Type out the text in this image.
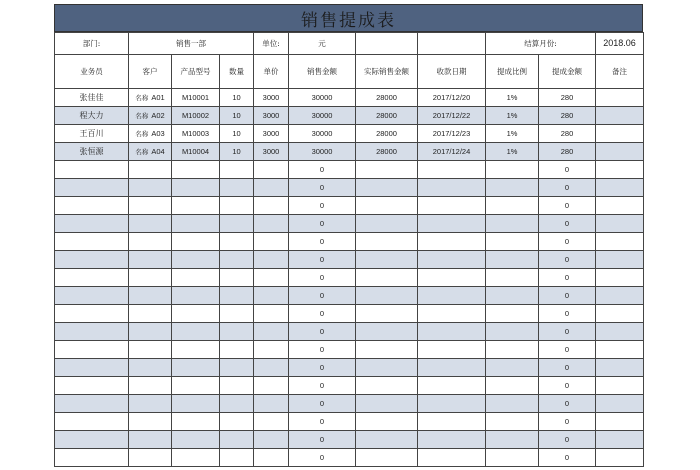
销售提成表
部门:	销售一部			单位:	元			结算月份:		2018.06

业务员	客户	产品型号	数量	单价	销售金额	实际销售金额	收款日期	提成比例	提成金额	备注

张佳佳	名称 A01	M10001	10	3000	30000	28000	2017/12/20	1%	280	
程大力	名称 A02	M10002	10	3000	30000	28000	2017/12/22	1%	280	
王百川	名称 A03	M10003	10	3000	30000	28000	2017/12/23	1%	280	
张恒源	名称 A04	M10004	10	3000	30000	28000	2017/12/24	1%	280	
					0				0	
					0				0	
					0				0	
					0				0	
					0				0	
					0				0	
					0				0	
					0				0	
					0				0	
					0				0	
					0				0	
					0				0	
					0				0	
					0				0	
					0				0	
					0				0	
					0				0	
